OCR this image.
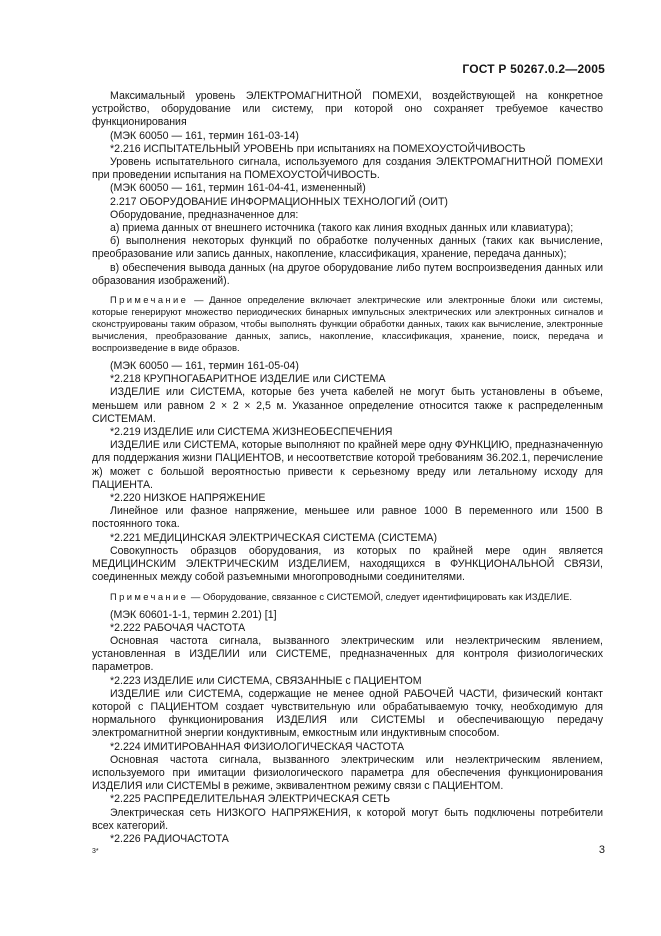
ГОСТ Р 50267.0.2—2005

Максимальный уровень ЭЛЕКТРОМАГНИТНОЙ ПОМЕХИ, воздействующей на конкретное устройство, оборудование или систему, при которой оно сохраняет требуемое качество функционирования

(МЭК 60050 — 161, термин 161-03-14)

*2.216 ИСПЫТАТЕЛЬНЫЙ УРОВЕНЬ при испытаниях на ПОМЕХОУСТОЙЧИВОСТЬ

Уровень испытательного сигнала, используемого для создания ЭЛЕКТРОМАГНИТНОЙ ПОМЕХИ при проведении испытания на ПОМЕХОУСТОЙЧИВОСТЬ.

(МЭК 60050 — 161, термин 161-04-41, измененный)

2.217 ОБОРУДОВАНИЕ ИНФОРМАЦИОННЫХ ТЕХНОЛОГИЙ (ОИТ)

Оборудование, предназначенное для:

а) приема данных от внешнего источника (такого как линия входных данных или клавиатура);

б) выполнения некоторых функций по обработке полученных данных (таких как вычисление, преобразование или запись данных, накопление, классификация, хранение, передача данных);

в) обеспечения вывода данных (на другое оборудование либо путем воспроизведения данных или образования изображений).

Примечание — Данное определение включает электрические или электронные блоки или системы, которые генерируют множество периодических бинарных импульсных электрических или электронных сигналов и сконструированы таким образом, чтобы выполнять функции обработки данных, таких как вычисление, электронные вычисления, преобразование данных, запись, накопление, классификация, хранение, поиск, передача и воспроизведение в виде образов.

(МЭК 60050 — 161, термин 161-05-04)

*2.218 КРУПНОГАБАРИТНОЕ ИЗДЕЛИЕ или СИСТЕМА

ИЗДЕЛИЕ или СИСТЕМА, которые без учета кабелей не могут быть установлены в объеме, меньшем или равном 2 × 2 × 2,5 м. Указанное определение относится также к распределенным СИСТЕМАМ.

*2.219 ИЗДЕЛИЕ или СИСТЕМА ЖИЗНЕОБЕСПЕЧЕНИЯ

ИЗДЕЛИЕ или СИСТЕМА, которые выполняют по крайней мере одну ФУНКЦИЮ, предназначенную для поддержания жизни ПАЦИЕНТОВ, и несоответствие которой требованиям 36.202.1, перечисление ж) может с большой вероятностью привести к серьезному вреду или летальному исходу для ПАЦИЕНТА.

*2.220 НИЗКОЕ НАПРЯЖЕНИЕ

Линейное или фазное напряжение, меньшее или равное 1000 В переменного или 1500 В постоянного тока.

*2.221 МЕДИЦИНСКАЯ ЭЛЕКТРИЧЕСКАЯ СИСТЕМА (СИСТЕМА)

Совокупность образцов оборудования, из которых по крайней мере один является МЕДИЦИНСКИМ ЭЛЕКТРИЧЕСКИМ ИЗДЕЛИЕМ, находящихся в ФУНКЦИОНАЛЬНОЙ СВЯЗИ, соединенных между собой разъемными многопроводными соединителями.

Примечание — Оборудование, связанное с СИСТЕМОЙ, следует идентифицировать как ИЗДЕЛИЕ.

(МЭК 60601-1-1, термин 2.201) [1]

*2.222 РАБОЧАЯ ЧАСТОТА

Основная частота сигнала, вызванного электрическим или неэлектрическим явлением, установленная в ИЗДЕЛИИ или СИСТЕМЕ, предназначенных для контроля физиологических параметров.

*2.223 ИЗДЕЛИЕ или СИСТЕМА, СВЯЗАННЫЕ с ПАЦИЕНТОМ

ИЗДЕЛИЕ или СИСТЕМА, содержащие не менее одной РАБОЧЕЙ ЧАСТИ, физический контакт которой с ПАЦИЕНТОМ создает чувствительную или обрабатываемую точку, необходимую для нормального функционирования ИЗДЕЛИЯ или СИСТЕМЫ и обеспечивающую передачу электромагнитной энергии кондуктивным, емкостным или индуктивным способом.

*2.224 ИМИТИРОВАННАЯ ФИЗИОЛОГИЧЕСКАЯ ЧАСТОТА

Основная частота сигнала, вызванного электрическим или неэлектрическим явлением, используемого при имитации физиологического параметра для обеспечения функционирования ИЗДЕЛИЯ или СИСТЕМЫ в режиме, эквивалентном режиму связи с ПАЦИЕНТОМ.

*2.225 РАСПРЕДЕЛИТЕЛЬНАЯ ЭЛЕКТРИЧЕСКАЯ СЕТЬ

Электрическая сеть НИЗКОГО НАПРЯЖЕНИЯ, к которой могут быть подключены потребители всех категорий.

*2.226 РАДИОЧАСТОТА

3*	3
